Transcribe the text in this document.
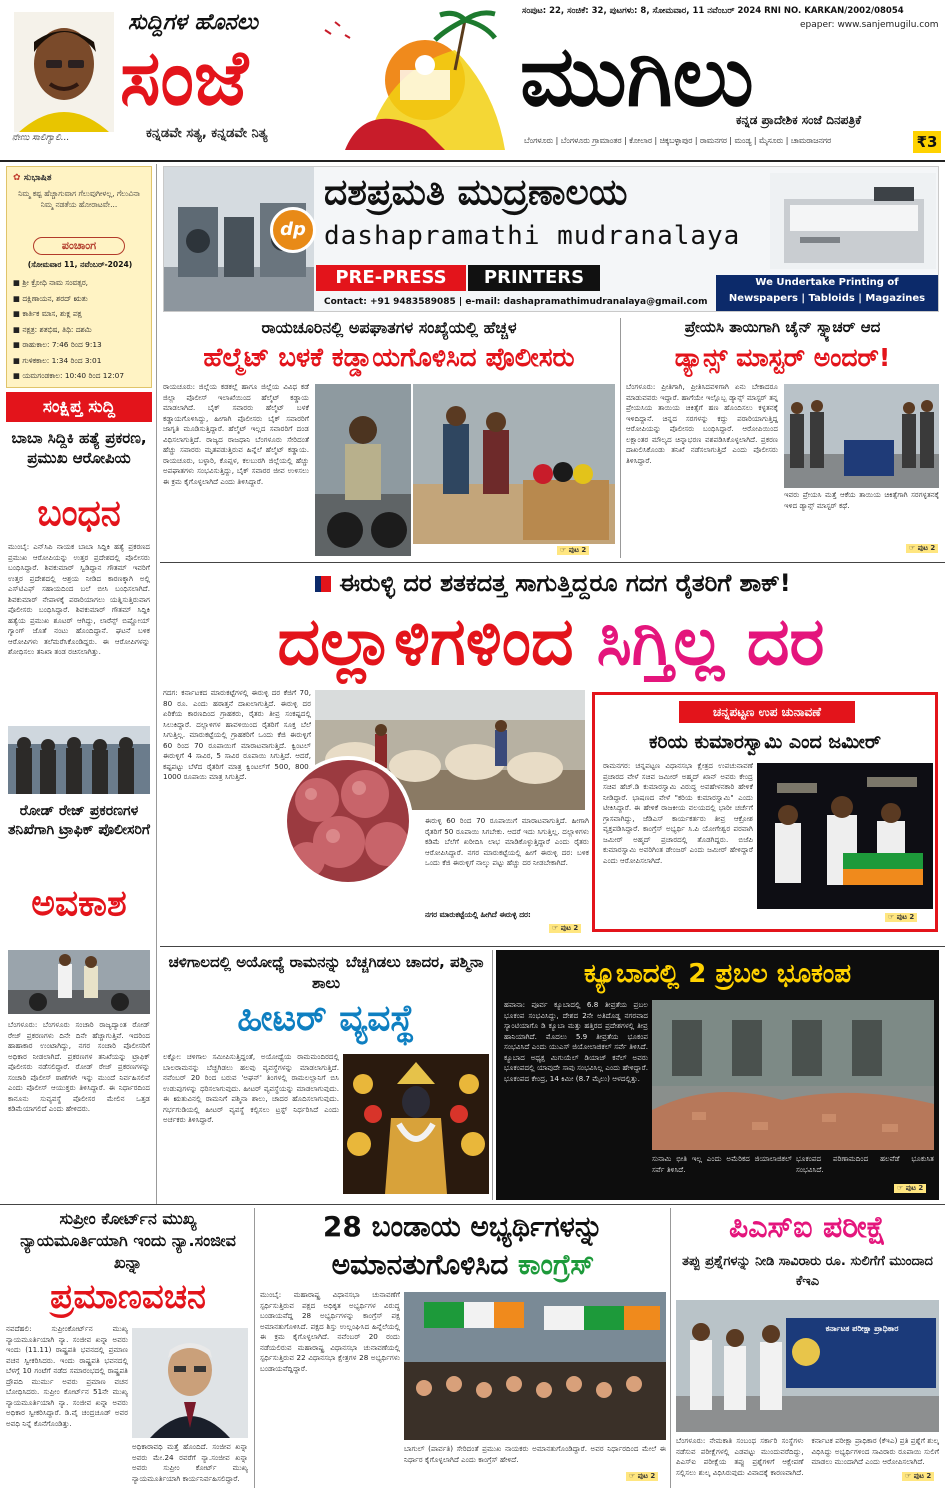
ನೇಣು ಸಾಲಿಗ್ಯಾಲಿ...
ಸುದ್ದಿಗಳ ಹೊನಲು
ಸಂಜೆ
ಕನ್ನಡವೇ ಸತ್ಯ, ಕನ್ನಡವೇ ನಿತ್ಯ
ಸಂಪುಟ: 22, ಸಂಚಿಕೆ: 32, ಪುಟಗಳು: 8, ಸೋಮವಾರ, 11 ನವೆಂಬರ್ 2024 RNI NO. KARKAN/2002/08054
epaper: www.sanjemugilu.com
ಮುಗಿಲು
ಕನ್ನಡ ಪ್ರಾದೇಶಿಕ ಸಂಜೆ ದಿನಪತ್ರಿಕೆ
ಬೆಂಗಳೂರು | ಬೆಂಗಳೂರು ಗ್ರಾಮಾಂತರ | ಕೋಲಾರ | ಚಿಕ್ಕಬಳ್ಳಾಪುರ | ರಾಮನಗರ | ಮಂಡ್ಯ | ಮೈಸೂರು | ಚಾಮರಾಜನಗರ	₹3
✿ ಸುಭಾಷಿತ
ನಿಮ್ಮ ಕಷ್ಟ ಹೆಚ್ಚಾಗುವಾಗ ಗೆಲುವುಗೀಳಲ್ಲ, ಗೆಲುವಿನಾ ನಿಮ್ಮ ನಡತೆಯ ಹೋರಾಟವೇ...
ಪಂಚಾಂಗ
(ಸೋಮವಾರ 11, ನವೆಂಬರ್-2024)
■ ಶ್ರೀ ಕ್ರೋಧಿ ನಾಮ ಸಂವತ್ಸರ,
■ ದಕ್ಷಿಣಾಯನ, ಶರದ್ ಋತು
■ ಕಾರ್ತಿಕ ಮಾಸ, ಶುಕ್ಲ ಪಕ್ಷ
■ ನಕ್ಷತ್ರ: ಶತಭಿಷ, ತಿಥಿ: ದಶಮಿ
■ ರಾಹುಕಾಲ: 7:46 ರಿಂದ 9:13
■ ಗುಳಿಕಕಾಲ: 1:34 ರಿಂದ 3:01
■ ಯಮಗಂಡಕಾಲ: 10:40 ರಿಂದ 12:07
ಸಂಕ್ಷಿಪ್ತ ಸುದ್ದಿ
ಬಾಬಾ ಸಿದ್ದಿಕಿ ಹತ್ಯೆ ಪ್ರಕರಣ, ಪ್ರಮುಖ ಆರೋಪಿಯ
ಬಂಧನ
ಮುಂಬೈ: ಎನ್‌ಸಿಪಿ ನಾಯಕ ಬಾಬಾ ಸಿದ್ದಿಕಿ ಹತ್ಯೆ ಪ್ರಕರಣದ ಪ್ರಮುಖ ಆರೋಪಿಯನ್ನು ಉತ್ತರ ಪ್ರದೇಶದಲ್ಲಿ ಪೊಲೀಸರು ಬಂಧಿಸಿದ್ದಾರೆ. ಶಿವಕುಮಾರ್ ಸ್ವಿಡಿದ್ದಾನ ಗೌತಮ್ ಇವರಿಗೆ ಉತ್ತರ ಪ್ರದೇಶದಲ್ಲಿ ಆಶ್ರಯ ನೀಡಿದ ಕಾರಣಕ್ಕಾಗಿ ಅಲ್ಲಿ ಎಸ್‌ಟಿಎಫ್ ಸಹಾಯದಿಂದ ಬಲೆ ಬೀಸಿ ಬಂಧಿಸಲಾಗಿದೆ. ಶಿವಕುಮಾರ್ ನೇಪಾಳಕ್ಕೆ ಪರಾರಿಯಾಗಲು ಯತ್ನಿಸುತ್ತಿರುವಾಗ ಪೊಲೀಸರು ಬಂಧಿಸಿದ್ದಾರೆ. ಶಿವಕುಮಾರ್ ಗೌತಮ್ ಸಿದ್ದಿಕಿ ಹತ್ಯೆಯ ಪ್ರಮುಖ ಶೂಟರ್ ಆಗಿದ್ದು, ಲಾರೆನ್ಸ್ ಬಿಷ್ಣೋಯ್ ಗ್ಯಾಂಗ್ ಜೊತೆ ನಂಟು ಹೊಂದಿದ್ದಾನೆ. ಘಟನೆ ಬಳಿಕ ಆರೋಪಿಗಳು ತಲೆಮರೆಸಿಕೊಂಡಿದ್ದರು. ಈ ಆರೋಪಿಗಳನ್ನು ಶೋಧಿಸಲು ತನಿಖಾ ತಂಡ ರಚಿಸಲಾಗಿತ್ತು.
ರೋಡ್ ರೇಜ್ ಪ್ರಕರಣಗಳ ತನಿಖೆಗಾಗಿ ಟ್ರಾಫಿಕ್ ಪೊಲೀಸರಿಗೆ
ಅವಕಾಶ
ಬೆಂಗಳೂರು: ಬೆಂಗಳೂರು ಸಂಚಾರಿ ರಾಜ್ಯದ್ಯಾಂತ ರೋಡ್ ರೇಜ್ ಪ್ರಕರಣಗಳು ದಿನೇ ದಿನೇ ಹೆಚ್ಚಾಗುತ್ತಿವೆ. ಇದರಿಂದ ಹಾಹಾಕಾರ ಉಂಟಾಗಿದ್ದು, ನಗರ ಸಂಚಾರಿ ಪೊಲೀಸರಿಗೆ ಅಧಿಕಾರ ನೀಡಲಾಗಿದೆ. ಪ್ರಕರಣಗಳ ತನಿಖೆಯನ್ನು ಟ್ರಾಫಿಕ್ ಪೊಲೀಸರು ನಡೆಸಲಿದ್ದಾರೆ. ರೋಡ್ ರೇಜ್ ಪ್ರಕರಣಗಳನ್ನು ಸಂಚಾರಿ ಪೊಲೀಸ್ ಠಾಣೆಗಳೇ ಇನ್ನು ಮುಂದೆ ನಿರ್ವಹಿಸಲಿವೆ ಎಂದು ಪೊಲೀಸ್ ಆಯುಕ್ತರು ತಿಳಿಸಿದ್ದಾರೆ. ಈ ನಿರ್ಧಾರದಿಂದ ಕಾನೂನು ಸುವ್ಯವಸ್ಥೆ ಪೊಲೀಸರ ಮೇಲಿನ ಒತ್ತಡ ಕಡಿಮೆಯಾಗಲಿದೆ ಎಂದು ಹೇಳಿದರು.
dp
ದಶಪ್ರಮತಿ ಮುದ್ರಣಾಲಯ
dashapramathi mudranalaya
PRE-PRESS	PRINTERS
Contact: +91 9483589085 | e-mail: dashapramathimudranalaya@gmail.com
We Undertake Printing of
Newspapers | Tabloids | Magazines
ರಾಯಚೂರಿನಲ್ಲಿ ಅಪಘಾತಗಳ ಸಂಖ್ಯೆಯಲ್ಲಿ ಹೆಚ್ಚಳ
ಹೆಲ್ಮೆಟ್ ಬಳಕೆ ಕಡ್ಡಾಯಗೊಳಿಸಿದ ಪೊಲೀಸರು
ರಾಯಚೂರು: ಜಿಲ್ಲೆಯ ಕಡಕಲ್ಲೆ ಹಾಗೂ ಜಿಲ್ಲೆಯ ವಿವಿಧ ಕಡೆ ಜಿಲ್ಲಾ ಪೊಲೀಸ್ ಇಲಾಖೆಯಿಂದ ಹೆಲ್ಮೆಟ್ ಕಡ್ಡಾಯ ಮಾಡಲಾಗಿದೆ. ಬೈಕ್ ಸವಾರರು ಹೆಲ್ಮೆಟ್ ಬಳಕೆ ಕಡ್ಡಾಯಗೊಳಿಸಿದ್ದು, ಹೀಗಾಗಿ ಪೊಲೀಸರು ಬೈಕ್ ಸವಾರರಿಗೆ ಜಾಗೃತಿ ಮೂಡಿಸುತ್ತಿದ್ದಾರೆ. ಹೆಲ್ಮೆಟ್ ಇಲ್ಲದ ಸವಾರರಿಗೆ ದಂಡ ವಿಧಿಸಲಾಗುತ್ತಿದೆ. ರಾಜ್ಯದ ರಾಜಧಾನಿ ಬೆಂಗಳೂರು ಸೇರಿದಂತೆ ಹೆಚ್ಚು ಸವಾರರು ಮೃತಪಡುತ್ತಿರುವ ಹಿನ್ನೆಲೆ ಹೆಲ್ಮೆಟ್ ಕಡ್ಡಾಯ. ರಾಯಚೂರು, ಬಳ್ಳಾರಿ, ಕೊಪ್ಪಳ, ಕಲಬುರಗಿ ಜಿಲ್ಲೆಯಲ್ಲಿ ಹೆಚ್ಚು ಅಪಘಾತಗಳು ಸಂಭವಿಸುತ್ತಿದ್ದು, ಬೈಕ್ ಸವಾರರ ಜೀವ ಉಳಿಸಲು ಈ ಕ್ರಮ ಕೈಗೊಳ್ಳಲಾಗಿದೆ ಎಂದು ತಿಳಿಸಿದ್ದಾರೆ.
☞ ಪುಟ 2
ಪ್ರೇಯಸಿ ತಾಯಿಗಾಗಿ ಚೈನ್ ಸ್ನ್ಯಾಚರ್ ಆದ
ಡ್ಯಾನ್ಸ್ ಮಾಸ್ಟರ್ ಅಂದರ್!
ಬೆಂಗಳೂರು: ಪ್ರೀತಿಗಾಗಿ, ಪ್ರೀತಿಸಿದವಳಿಗಾಗಿ ಏನು ಬೇಕಾದರೂ ಮಾಡುವವರು ಇದ್ದಾರೆ. ಹಾಗೆಯೇ ಇಲ್ಲೊಬ್ಬ ಡ್ಯಾನ್ಸ್ ಮಾಸ್ಟರ್ ತನ್ನ ಪ್ರೇಯಸಿಯ ತಾಯಿಯ ಚಿಕಿತ್ಸೆಗೆ ಹಣ ಹೊಂದಿಸಲು ಕಳ್ಳತನಕ್ಕೆ ಇಳಿದಿದ್ದಾನೆ. ಚಿನ್ನದ ಸರಗಳನ್ನು ಕದ್ದು ಪರಾರಿಯಾಗುತ್ತಿದ್ದ ಆರೋಪಿಯನ್ನು ಪೊಲೀಸರು ಬಂಧಿಸಿದ್ದಾರೆ. ಆರೋಪಿಯಿಂದ ಲಕ್ಷಾಂತರ ಮೌಲ್ಯದ ಚಿನ್ನಾಭರಣ ವಶಪಡಿಸಿಕೊಳ್ಳಲಾಗಿದೆ. ಪ್ರಕರಣ ದಾಖಲಿಸಿಕೊಂಡು ತನಿಖೆ ನಡೆಸಲಾಗುತ್ತಿದೆ ಎಂದು ಪೊಲೀಸರು ತಿಳಿಸಿದ್ದಾರೆ.
ಇವರು ಪ್ರೇಯಸಿ ಮತ್ತೆ ಆಕೆಯ ತಾಯಿಯ ಚಿಕಿತ್ಸೆಗಾಗಿ ಸರಗಳ್ಳತನಕ್ಕೆ ಇಳಿದ ಡ್ಯಾನ್ಸ್ ಮಾಸ್ಟರ್ ಕಥೆ.
☞ ಪುಟ 2
ಈರುಳ್ಳಿ ದರ ಶತಕದತ್ತ ಸಾಗುತ್ತಿದ್ದರೂ ಗದಗ ರೈತರಿಗೆ ಶಾಕ್!
ದಲ್ಲಾಳಿಗಳಿಂದ ಸಿಗ್ತಿಲ್ಲ ದರ
ಗದಗ: ಕರ್ನಾಟಕದ ಮಾರುಕಟ್ಟೆಗಳಲ್ಲಿ ಈರುಳ್ಳಿ ದರ ಕೆಜಿಗೆ 70, 80 ರೂ. ಎಂದು ಹಠಾತ್ತನೆ ದಾಖಲಾಗುತ್ತಿದೆ. ಈರುಳ್ಳಿ ದರ ಏರಿಕೆಯ ಕಾರಣದಿಂದ ಗ್ರಾಹಕರು, ರೈತರು ತೀವ್ರ ಸಂಕಷ್ಟದಲ್ಲಿ ಸಿಲುಕಿದ್ದಾರೆ. ದಲ್ಲಾಳಿಗಳ ಹಾವಳಿಯಿಂದ ರೈತರಿಗೆ ಸೂಕ್ತ ಬೆಲೆ ಸಿಗುತ್ತಿಲ್ಲ. ಮಾರುಕಟ್ಟೆಯಲ್ಲಿ ಗ್ರಾಹಕರಿಗೆ ಒಂದು ಕೆಜಿ ಈರುಳ್ಳಿಗೆ 60 ರಿಂದ 70 ರೂಪಾಯಿಗೆ ಮಾರಾಟವಾಗುತ್ತಿದೆ. ಕ್ವಿಂಟಲ್ ಈರುಳ್ಳಿಗೆ 4 ಸಾವಿರ, 5 ಸಾವಿರ ರೂಪಾಯಿ ಸಿಗುತ್ತಿದೆ. ಆದರೆ, ಕಷ್ಟಪಟ್ಟು ಬೆಳೆದ ರೈತರಿಗೆ ಮಾತ್ರ ಕ್ವಿಂಟಲ್‌ಗೆ 500, 800, 1000 ರೂಪಾಯಿ ಮಾತ್ರ ಸಿಗುತ್ತಿದೆ.
ಈರುಳ್ಳಿ 60 ರಿಂದ 70 ರೂಪಾಯಿಗೆ ಮಾರಾಟವಾಗುತ್ತಿದೆ. ಹೀಗಾಗಿ ರೈತರಿಗೆ 50 ರೂಪಾಯಿ ಸಿಗಬೇಕು. ಆದರೆ ಇದು ಸಿಗುತ್ತಿಲ್ಲ. ದಲ್ಲಾಳಿಗಳು ಕಡಿಮೆ ಬೆಲೆಗೆ ಖರೀದಿಸಿ ಲಾಭ ಮಾಡಿಕೊಳ್ಳುತ್ತಿದ್ದಾರೆ ಎಂದು ರೈತರು ಆರೋಪಿಸಿದ್ದಾರೆ. ನಗರ ಮಾರುಕಟ್ಟೆಯಲ್ಲಿ ಹೀಗೆ ಈರುಳ್ಳಿ ದರ: ಬಳಿಕ ಒಂದು ಕೆಜಿ ಈರುಳ್ಳಿಗೆ ನಾಲ್ಕು ಪಟ್ಟು ಹೆಚ್ಚು ದರ ನೀಡಬೇಕಾಗಿದೆ.
ನಗರ ಮಾರುಕಟ್ಟೆಯಲ್ಲಿ ಹೀಗಿದೆ ಈರುಳ್ಳಿ ದರ:
☞ ಪುಟ 2
ಚನ್ನಪಟ್ಟಣ ಉಪ ಚುನಾವಣೆ
ಕರಿಯ ಕುಮಾರಸ್ವಾಮಿ ಎಂದ ಜಮೀರ್
ರಾಮನಗರ: ಚನ್ನಪಟ್ಟಣ ವಿಧಾನಸಭಾ ಕ್ಷೇತ್ರದ ಉಪಚುನಾವಣೆ ಪ್ರಚಾರದ ವೇಳೆ ಸಚಿವ ಜಮೀರ್ ಅಹ್ಮದ್ ಖಾನ್ ಅವರು ಕೇಂದ್ರ ಸಚಿವ ಹೆಚ್.ಡಿ ಕುಮಾರಸ್ವಾಮಿ ವಿರುದ್ಧ ಅವಹೇಳನಕಾರಿ ಹೇಳಿಕೆ ನೀಡಿದ್ದಾರೆ. ಭಾಷಣದ ವೇಳೆ "ಕರಿಯ ಕುಮಾರಸ್ವಾಮಿ" ಎಂದು ಟೀಕಿಸಿದ್ದಾರೆ. ಈ ಹೇಳಿಕೆ ರಾಜಕೀಯ ವಲಯದಲ್ಲಿ ಭಾರೀ ಚರ್ಚೆಗೆ ಗ್ರಾಸವಾಗಿದ್ದು, ಜೆಡಿಎಸ್ ಕಾರ್ಯಕರ್ತರು ತೀವ್ರ ಆಕ್ರೋಶ ವ್ಯಕ್ತಪಡಿಸಿದ್ದಾರೆ. ಕಾಂಗ್ರೆಸ್ ಅಭ್ಯರ್ಥಿ ಸಿ.ಪಿ ಯೋಗೇಶ್ವರ ಪರವಾಗಿ ಜಮೀರ್ ಅಹ್ಮದ್ ಪ್ರಚಾರದಲ್ಲಿ ತೊಡಗಿದ್ದರು. ಬಿಜೆಪಿ ಕುಮಾರಸ್ವಾಮಿ ಅವರಿಗಿಂತ ಡೇಂಜರ್ ಎಂದು ಜಮೀರ್ ಹೇಳಿದ್ದಾರೆ ಎಂದು ಆರೋಪಿಸಲಾಗಿದೆ.
☞ ಪುಟ 2
ಚಳಿಗಾಲದಲ್ಲಿ ಅಯೋಧ್ಯೆ ರಾಮನನ್ನು ಬೆಚ್ಚಗಿಡಲು ಚಾದರ, ಪಶ್ಮಿನಾ ಶಾಲು
ಹೀಟರ್ ವ್ಯವಸ್ಥೆ
ಲಕ್ನೋ: ಚಳಿಗಾಲ ಸಮೀಪಿಸುತ್ತಿದ್ದಂತೆ, ಅಯೋಧ್ಯೆಯ ರಾಮಮಂದಿರದಲ್ಲಿ ಬಾಲರಾಮನನ್ನು ಬೆಚ್ಚಗಿಡಲು ಹಲವು ವ್ಯವಸ್ಥೆಗಳನ್ನು ಮಾಡಲಾಗುತ್ತಿದೆ. ನವೆಂಬರ್ 20 ರಿಂದ ಬರುವ 'ಅಘನ್' ತಿಂಗಳಲ್ಲಿ ರಾಮಲಲ್ಲಾನಿಗೆ ಬಿಸಿ ಉಡುಪುಗಳನ್ನು ಧರಿಸಲಾಗುವುದು. ಹೀಟರ್ ವ್ಯವಸ್ಥೆಯನ್ನು ಮಾಡಲಾಗುವುದು. ಈ ಋತುವಿನಲ್ಲಿ ರಾಮನಿಗೆ ಪಶ್ಮಿನಾ ಶಾಲು, ಚಾದರ ಹೊದಿಸಲಾಗುವುದು. ಗರ್ಭಗುಡಿಯಲ್ಲಿ ಹೀಟರ್ ವ್ಯವಸ್ಥೆ ಕಲ್ಪಿಸಲು ಟ್ರಸ್ಟ್ ನಿರ್ಧರಿಸಿದೆ ಎಂದು ಅರ್ಚಕರು ತಿಳಿಸಿದ್ದಾರೆ.
ಕ್ಯೂಬಾದಲ್ಲಿ 2 ಪ್ರಬಲ ಭೂಕಂಪ
ಹವಾನಾ: ಪೂರ್ವ ಕ್ಯೂಬಾದಲ್ಲಿ 6.8 ತೀವ್ರತೆಯ ಪ್ರಬಲ ಭೂಕಂಪ ಸಂಭವಿಸಿದ್ದು, ದೇಶದ 2ನೇ ಅತಿದೊಡ್ಡ ನಗರವಾದ ಸ್ಯಾಂಟಿಯಾಗೊ ಡಿ ಕ್ಯೂಬಾ ಮತ್ತು ಹತ್ತಿರದ ಪ್ರದೇಶಗಳಲ್ಲಿ ತೀವ್ರ ಹಾನಿಯಾಗಿದೆ. ಮೊದಲು 5.9 ತೀವ್ರತೆಯ ಭೂಕಂಪ ಸಂಭವಿಸಿದೆ ಎಂದು ಯುಎಸ್ ಜಿಯೋಲಾಜಿಕಲ್ ಸರ್ವೆ ತಿಳಿಸಿದೆ. ಕ್ಯೂಬಾದ ಅಧ್ಯಕ್ಷ ಮಿಗುಯೆಲ್ ಡಿಯಾಜ್ ಕನೆಲ್ ಅವರು ಭೂಕಂಪದಲ್ಲಿ ಯಾವುದೇ ಸಾವು ಸಂಭವಿಸಿಲ್ಲ ಎಂದು ಹೇಳಿದ್ದಾರೆ. ಭೂಕಂಪದ ಕೇಂದ್ರ, 14 ಕಿಮೀ (8.7 ಮೈಲು) ಆಳದಲ್ಲಿತ್ತು.
ಸುನಾಮಿ ಭೀತಿ ಇಲ್ಲ ಎಂದು ಅಮೆರಿಕದ ಜಿಯಾಲಾಜಿಕಲ್ ಸರ್ವೆ ತಿಳಿಸಿದೆ.
ಭೂಕಂಪದ ಪರಿಣಾಮದಿಂದ ಹಲವೆಡೆ ಭೂಕುಸಿತ ಸಂಭವಿಸಿದೆ.
☞ ಪುಟ 2
ಸುಪ್ರೀಂ ಕೋರ್ಟ್‌ನ ಮುಖ್ಯ ನ್ಯಾಯಮೂರ್ತಿಯಾಗಿ ಇಂದು ನ್ಯಾ.ಸಂಜೀವ ಖನ್ನಾ
ಪ್ರಮಾಣವಚನ
ನವದೆಹಲಿ: ಸುಪ್ರೀಂಕೋರ್ಟ್‌ನ ಮುಖ್ಯ ನ್ಯಾಯಮೂರ್ತಿಯಾಗಿ ನ್ಯಾ. ಸಂಜೀವ ಖನ್ನಾ ಅವರು ಇಂದು (11.11) ರಾಷ್ಟ್ರಪತಿ ಭವನದಲ್ಲಿ ಪ್ರಮಾಣ ವಚನ ಸ್ವೀಕರಿಸಿದರು. ಇಂದು ರಾಷ್ಟ್ರಪತಿ ಭವನದಲ್ಲಿ ಬೆಳಗ್ಗೆ 10 ಗಂಟೆಗೆ ನಡೆದ ಸಮಾರಂಭದಲ್ಲಿ ರಾಷ್ಟ್ರಪತಿ ದ್ರೌಪದಿ ಮುರ್ಮು ಅವರು ಪ್ರಮಾಣ ವಚನ ಬೋಧಿಸಿದರು. ಸುಪ್ರೀಂ ಕೋರ್ಟ್‌ನ 51ನೇ ಮುಖ್ಯ ನ್ಯಾಯಮೂರ್ತಿಯಾಗಿ ನ್ಯಾ. ಸಂಜೀವ ಖನ್ನಾ ಅವರು ಅಧಿಕಾರ ಸ್ವೀಕರಿಸಿದ್ದಾರೆ. ಡಿ.ವೈ ಚಂದ್ರಚೂಡ್ ಅವರ ಅವಧಿ ನಿನ್ನೆ ಕೊನೆಗೊಂಡಿತ್ತು.
ಅಧಿಕಾರಾವಧಿ ಮತ್ತೆ ಹೊಂದಿದೆ. ಸಂಜೀವ ಖನ್ನಾ ಅವರು ಮೇ.24 ರವರೆಗೆ ನ್ಯಾ.ಸಂಜೀವ ಖನ್ನಾ ಅವರು ಸುಪ್ರೀಂ ಕೋರ್ಟ್ ಮುಖ್ಯ ನ್ಯಾಯಮೂರ್ತಿಯಾಗಿ ಕಾರ್ಯನಿರ್ವಹಿಸಲಿದ್ದಾರೆ.
28 ಬಂಡಾಯ ಅಭ್ಯರ್ಥಿಗಳನ್ನು
ಅಮಾನತುಗೊಳಿಸಿದ ಕಾಂಗ್ರೆಸ್
ಮುಂಬೈ: ಮಹಾರಾಷ್ಟ್ರ ವಿಧಾನಸಭಾ ಚುನಾವಣೆಗೆ ಸ್ಪರ್ಧಿಸುತ್ತಿರುವ ಪಕ್ಷದ ಅಧಿಕೃತ ಅಭ್ಯರ್ಥಿಗಳ ವಿರುದ್ಧ ಬಂಡಾಯವೆದ್ದ 28 ಅಭ್ಯರ್ಥಿಗಳನ್ನು ಕಾಂಗ್ರೆಸ್ ಪಕ್ಷ ಅಮಾನತುಗೊಳಿಸಿದೆ. ಪಕ್ಷದ ಶಿಸ್ತು ಉಲ್ಲಂಘಿಸಿದ ಹಿನ್ನೆಲೆಯಲ್ಲಿ ಈ ಕ್ರಮ ಕೈಗೊಳ್ಳಲಾಗಿದೆ. ನವೆಂಬರ್ 20 ರಂದು ನಡೆಯಲಿರುವ ಮಹಾರಾಷ್ಟ್ರ ವಿಧಾನಸಭಾ ಚುನಾವಣೆಯಲ್ಲಿ ಸ್ಪರ್ಧಿಸುತ್ತಿರುವ 22 ವಿಧಾನಸಭಾ ಕ್ಷೇತ್ರಗಳ 28 ಅಭ್ಯರ್ಥಿಗಳು ಬಂಡಾಯವೆದ್ದಿದ್ದಾರೆ.
ಬಾಗುಲ್ (ಪಾರ್ವತಿ) ಸೇರಿದಂತೆ ಪ್ರಮುಖ ನಾಯಕರು ಅಮಾನತುಗೊಂಡಿದ್ದಾರೆ. ಅವರ ನಿರ್ಧಾರದಿಂದ ಮೇಲೆ ಈ ನಿರ್ಧಾರ ಕೈಗೊಳ್ಳಲಾಗಿದೆ ಎಂದು ಕಾಂಗ್ರೆಸ್ ಹೇಳಿದೆ.
☞ ಪುಟ 2
ಪಿಎಸ್‌ಐ ಪರೀಕ್ಷೆ
ತಪ್ಪು ಪ್ರಶ್ನೆಗಳನ್ನು ನೀಡಿ ಸಾವಿರಾರು ರೂ. ಸುಲಿಗೆಗೆ ಮುಂದಾದ ಕೆಇಎ
ಕರ್ನಾಟಕ ಪರೀಕ್ಷಾ ಪ್ರಾಧಿಕಾರ
ಬೆಂಗಳೂರು: ನೇಮಕಾತಿ ಸಂಬಂಧ ಸರ್ಕಾರಿ ಸಂಸ್ಥೆಗಳು ನಡೆಸುವ ಪರೀಕ್ಷೆಗಳಲ್ಲಿ ಎಡವಟ್ಟು ಮುಂದುವರೆದಿದ್ದು, ಪಿಎಸ್‌ಐ ಪರೀಕ್ಷೆಯ ತಪ್ಪು ಪ್ರಶ್ನೆಗಳಿಗೆ ಆಕ್ಷೇಪಣೆ ಸಲ್ಲಿಸಲು ಶುಲ್ಕ ವಿಧಿಸಿರುವುದು ವಿವಾದಕ್ಕೆ ಕಾರಣವಾಗಿದೆ. ಕರ್ನಾಟಕ ಪರೀಕ್ಷಾ ಪ್ರಾಧಿಕಾರ (ಕೆಇಎ) ಪ್ರತಿ ಪ್ರಶ್ನೆಗೆ ಶುಲ್ಕ ವಿಧಿಸಿದ್ದು ಅಭ್ಯರ್ಥಿಗಳಿಂದ ಸಾವಿರಾರು ರೂಪಾಯಿ ಸುಲಿಗೆ ಮಾಡಲು ಮುಂದಾಗಿದೆ ಎಂದು ಆರೋಪಿಸಲಾಗಿದೆ.
☞ ಪುಟ 2
